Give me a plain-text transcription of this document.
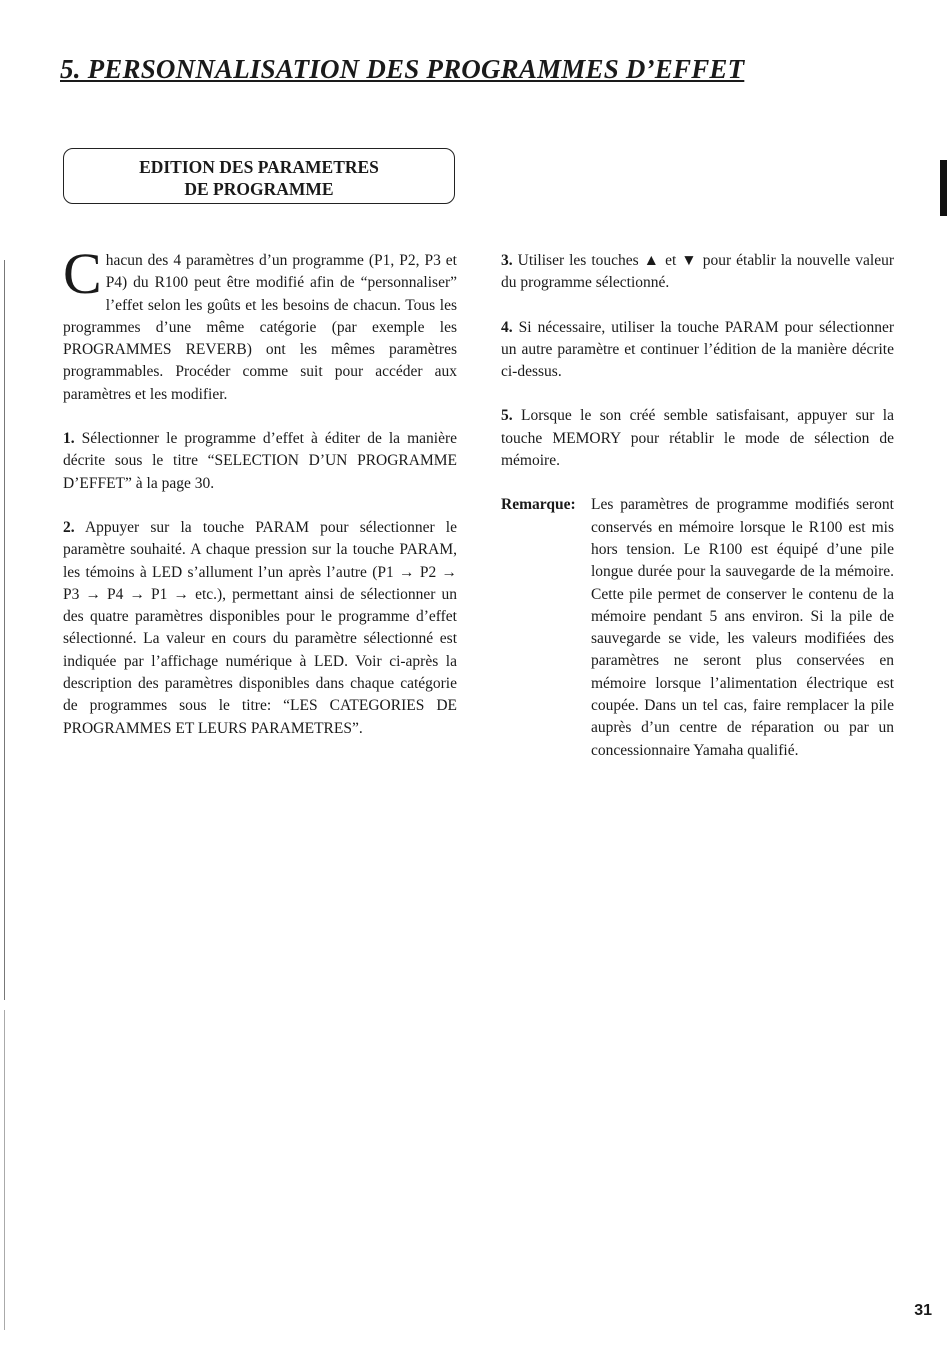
5. PERSONNALISATION DES PROGRAMMES D’EFFET
EDITION DES PARAMETRES
DE PROGRAMME

Chacun des 4 paramètres d’un programme (P1, P2, P3 et P4) du R100 peut être modifié afin de “personnaliser” l’effet selon les goûts et les besoins de chacun. Tous les programmes d’une même catégorie (par exemple les PROGRAMMES REVERB) ont les mêmes paramètres programmables. Procéder comme suit pour accéder aux paramètres et les modifier.

1. Sélectionner le programme d’effet à éditer de la manière décrite sous le titre “SELECTION D’UN PROGRAMME D’EFFET” à la page 30.

2. Appuyer sur la touche PARAM pour sélectionner le paramètre souhaité. A chaque pression sur la touche PARAM, les témoins à LED s’allument l’un après l’autre (P1 → P2 → P3 → P4 → P1 → etc.), permettant ainsi de sélectionner un des quatre paramètres disponibles pour le programme d’effet sélectionné. La valeur en cours du paramètre sélectionné est indiquée par l’affichage numérique à LED. Voir ci-après la description des paramètres disponibles dans chaque catégorie de programmes sous le titre: “LES CATEGORIES DE PROGRAMMES ET LEURS PARAMETRES”.

3. Utiliser les touches ▲ et ▼ pour établir la nouvelle valeur du programme sélectionné.

4. Si nécessaire, utiliser la touche PARAM pour sélectionner un autre paramètre et continuer l’édition de la manière décrite ci-dessus.

5. Lorsque le son créé semble satisfaisant, appuyer sur la touche MEMORY pour rétablir le mode de sélection de mémoire.

Remarque: Les paramètres de programme modifiés seront conservés en mémoire lorsque le R100 est mis hors tension. Le R100 est équipé d’une pile longue durée pour la sauvegarde de la mémoire. Cette pile permet de conserver le contenu de la mémoire pendant 5 ans environ. Si la pile de sauvegarde se vide, les valeurs modifiées des paramètres ne seront plus conservées en mémoire lorsque l’alimentation électrique est coupée. Dans un tel cas, faire remplacer la pile auprès d’un centre de réparation ou par un concessionnaire Yamaha qualifié.
31
